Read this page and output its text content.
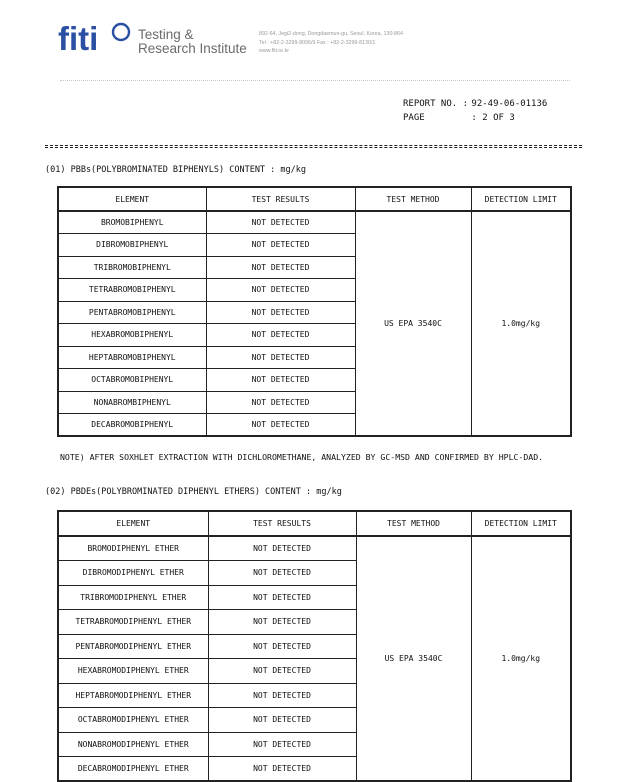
fiti	Testing &
Research Institute
892-64, Jegi2-dong, Dongdaemun-gu, Seoul, Korea, 130-864
Tel : +82-2-3299-8006/9 Fax : +82-2-3299-8130/1
www.fiti.re.kr
REPORT NO. : 92-49-06-01136
PAGE	: 2 OF 3
(01) PBBs(POLYBROMINATED BIPHENYLS) CONTENT : mg/kg
ELEMENT	TEST RESULTS	TEST METHOD	DETECTION LIMIT
BROMOBIPHENYL	NOT DETECTED	US EPA 3540C	1.0mg/kg
DIBROMOBIPHENYL	NOT DETECTED		
TRIBROMOBIPHENYL	NOT DETECTED		
TETRABROMOBIPHENYL	NOT DETECTED		
PENTABROMOBIPHENYL	NOT DETECTED		
HEXABROMOBIPHENYL	NOT DETECTED		
HEPTABROMOBIPHENYL	NOT DETECTED		
OCTABROMOBIPHENYL	NOT DETECTED		
NONABROMBIPHENYL	NOT DETECTED		
DECABROMOBIPHENYL	NOT DETECTED		
NOTE) AFTER SOXHLET EXTRACTION WITH DICHLOROMETHANE, ANALYZED BY GC-MSD AND CONFIRMED BY HPLC-DAD.
(02) PBDEs(POLYBROMINATED DIPHENYL ETHERS) CONTENT : mg/kg
ELEMENT	TEST RESULTS	TEST METHOD	DETECTION LIMIT
BROMODIPHENYL ETHER	NOT DETECTED	US EPA 3540C	1.0mg/kg
DIBROMODIPHENYL ETHER	NOT DETECTED		
TRIBROMODIPHENYL ETHER	NOT DETECTED		
TETRABROMODIPHENYL ETHER	NOT DETECTED		
PENTABROMODIPHENYL ETHER	NOT DETECTED		
HEXABROMODIPHENYL ETHER	NOT DETECTED		
HEPTABROMODIPHENYL ETHER	NOT DETECTED		
OCTABROMODIPHENYL ETHER	NOT DETECTED		
NONABROMODIPHENYL ETHER	NOT DETECTED		
DECABROMODIPHENYL ETHER	NOT DETECTED		
